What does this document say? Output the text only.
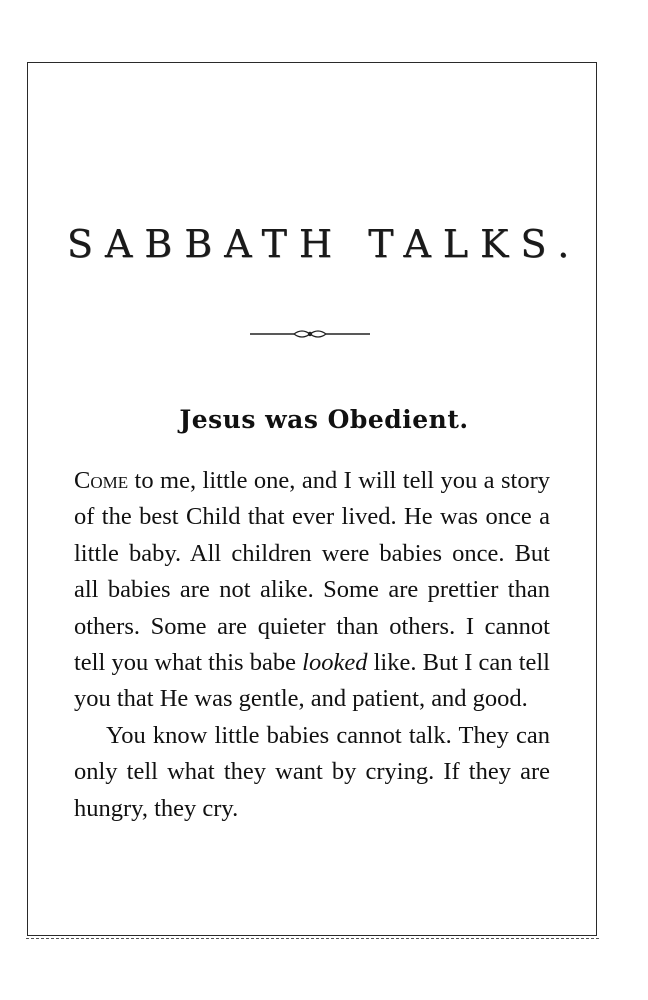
SABBATH TALKS.
Jesus was Obedient.

Come to me, little one, and I will tell you a story of the best Child that ever lived. He was once a little baby. All children were babies once. But all babies are not alike. Some are prettier than others. Some are quieter than others. I cannot tell you what this babe looked like. But I can tell you that He was gentle, and patient, and good.

You know little babies cannot talk. They can only tell what they want by crying. If they are hungry, they cry.
